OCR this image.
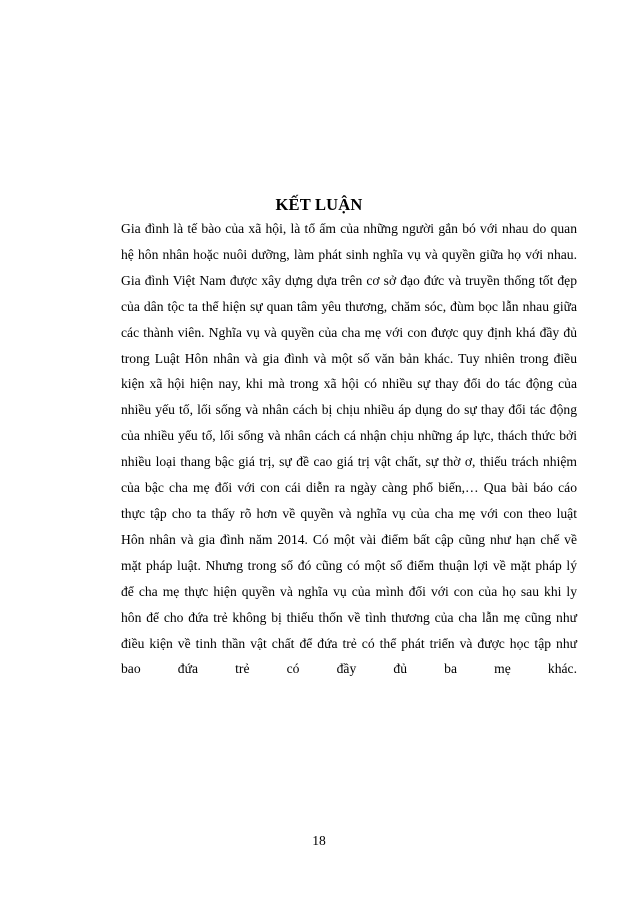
KẾT LUẬN
Gia đình là tế bào của xã hội, là tổ ấm của những người gắn bó với nhau do quan
hệ hôn nhân hoặc nuôi dưỡng, làm phát sinh nghĩa vụ và quyền giữa họ với nhau.
Gia đình Việt Nam được xây dựng dựa trên cơ sở đạo đức và truyền thống tốt đẹp
của dân tộc ta thể hiện sự quan tâm yêu thương, chăm sóc, đùm bọc lẫn nhau giữa
các thành viên. Nghĩa vụ và quyền của cha mẹ với con được quy định khá đầy đủ
trong Luật Hôn nhân và gia đình và một số văn bản khác. Tuy nhiên trong điều
kiện xã hội hiện nay, khi mà trong xã hội có nhiều sự thay đổi do tác động của
nhiều yếu tố, lối sống và nhân cách bị chịu nhiều áp dụng do sự thay đổi tác động
của nhiều yếu tố, lối sống và nhân cách cá nhận chịu những áp lực, thách thức bởi
nhiều loại thang bậc giá trị, sự đề cao giá trị vật chất, sự thờ ơ, thiếu trách nhiệm
của bậc cha mẹ đối với con cái diễn ra ngày càng phổ biến,… Qua bài báo cáo
thực tập cho ta thấy rõ hơn về quyền và nghĩa vụ của cha mẹ với con theo luật
Hôn nhân và gia đình năm 2014. Có một vài điểm bất cập cũng như hạn chế về
mặt pháp luật. Nhưng trong số đó cũng có một số điểm thuận lợi về mặt pháp lý
để cha mẹ thực hiện quyền và nghĩa vụ của mình đối với con của họ sau khi ly
hôn để cho đứa trẻ không bị thiếu thốn về tình thương của cha lẫn mẹ cũng như
điều kiện về tinh thần vật chất để đứa trẻ có thể phát triển và được học tập như
bao đứa trẻ có đầy đủ ba mẹ khác.
18
